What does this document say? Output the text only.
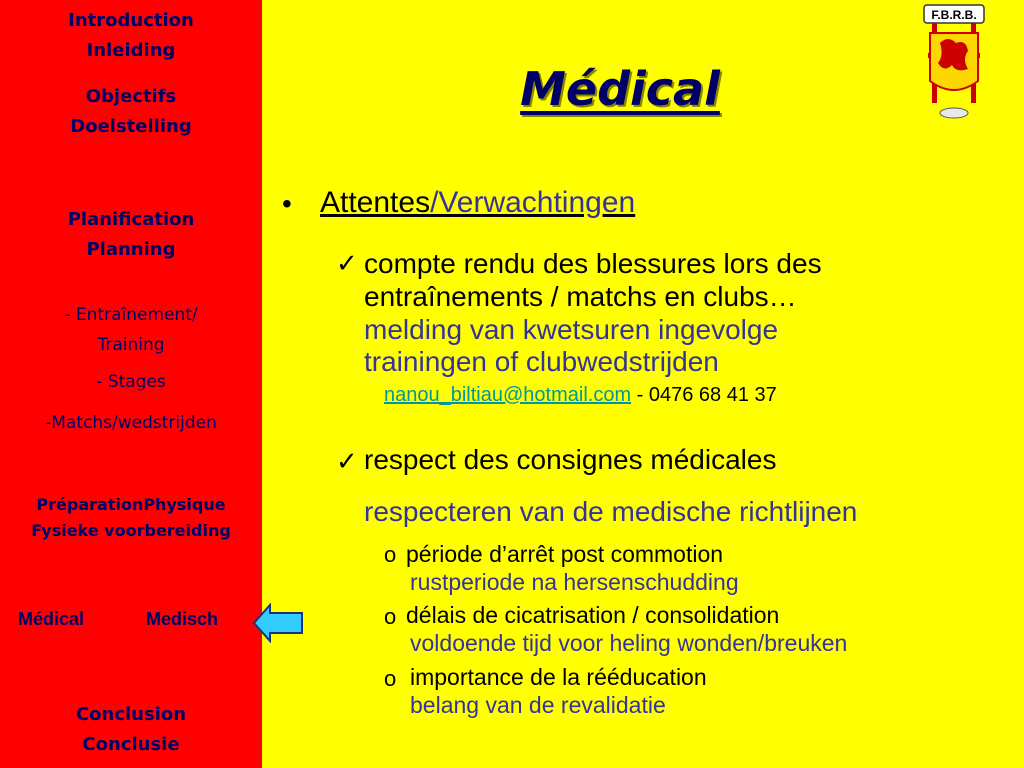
Introduction
Inleiding
Objectifs
Doelstelling
Planification
Planning
- Entraînement/
Training
- Stages
-Matchs/wedstrijden
PréparationPhysique
Fysieke voorbereiding
Médical	Medisch
Conclusion
Conclusie
Médical
F.B.R.B.
• Attentes/Verwachtingen
✓ compte rendu des blessures lors des
entraînements / matchs en clubs…
melding van kwetsuren ingevolge
trainingen of clubwedstrijden
nanou_biltiau@hotmail.com - 0476 68 41 37
✓ respect des consignes médicales
respecteren van de medische richtlijnen
o période d’arrêt post commotion
rustperiode na hersenschudding
o délais de cicatrisation / consolidation
voldoende tijd voor heling wonden/breuken
o importance de la rééducation
belang van de revalidatie
